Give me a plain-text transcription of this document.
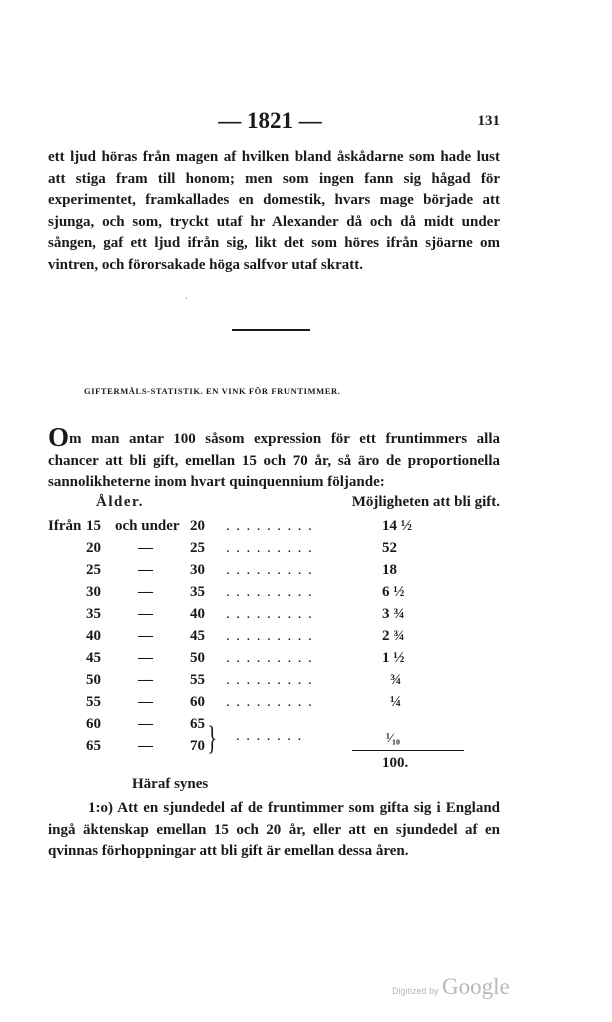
— 1821 —	131

ett ljud höras från magen af hvilken bland åskådarne som hade lust att stiga fram till honom; men som ingen fann sig hågad för experimentet, framkallades en domestik, hvars mage började att sjunga, och som, tryckt utaf hr Alexander då och då midt under sången, gaf ett ljud ifrån sig, likt det som höres ifrån sjöarne om vintren, och förorsakade höga salfvor utaf skratt.

ˏ
GIFTERMÅLS-STATISTIK. EN VINK FÖR FRUNTIMMER.

Om man antar 100 såsom expression för ett fruntimmers alla chancer att bli gift, emellan 15 och 70 år, så äro de proportionella sannolikheterne inom hvart quinquennium följande:

Ålder.	Möjligheten att bli gift.
Ifrån 15 och under 20 .........	14 ½
20 — 25 .........	52
25 — 30 .........	18
30 — 35 .........	6 ½
35 — 40 .........	3 ¾
40 — 45 .........	2 ¾
45 — 50 .........	1 ½
50 — 55 .........	¾
55 — 60 .........	¼
60 — 65
65 — 70 } .......	¹⁄₁₀
100.
Häraf synes

1:o) Att en sjundedel af de fruntimmer som gifta sig i England ingå äktenskap emellan 15 och 20 år, eller att en sjundedel af en qvinnas förhoppningar att bli gift är emellan dessa åren.

Digitized by Google
